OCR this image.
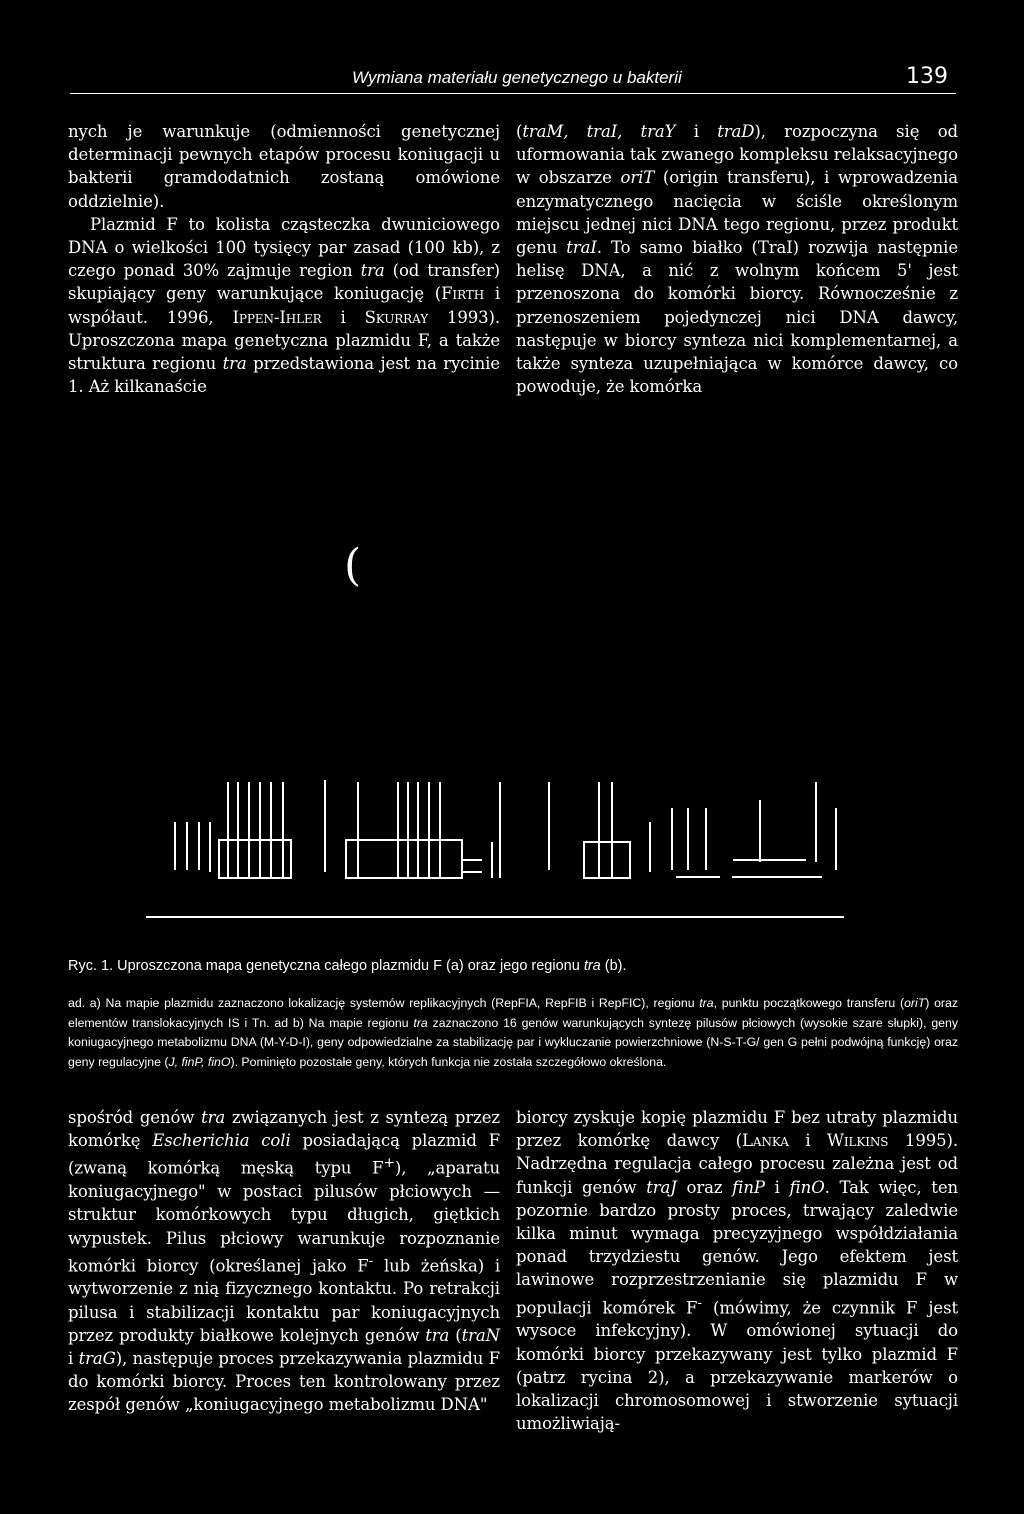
Wymiana materiału genetycznego u bakterii	139

nych je warunkuje (odmienności genetycznej determinacji pewnych etapów procesu koniugacji u bakterii gramdodatnich zostaną omówione oddzielnie).

Plazmid F to kolista cząsteczka dwuniciowego DNA o wielkości 100 tysięcy par zasad (100 kb), z czego ponad 30% zajmuje region tra (od transfer) skupiający geny warunkujące koniugację (Firth i współaut. 1996, Ippen-Ihler i Skurray 1993). Uproszczona mapa genetyczna plazmidu F, a także struktura regionu tra przedstawiona jest na rycinie 1. Aż kilkanaście

(traM, traI, traY i traD), rozpoczyna się od uformowania tak zwanego kompleksu relaksacyjnego w obszarze oriT (origin transferu), i wprowadzenia enzymatycznego nacięcia w ściśle określonym miejscu jednej nici DNA tego regionu, przez produkt genu traI. To samo białko (TraI) rozwija następnie helisę DNA, a nić z wolnym końcem 5' jest przenoszona do komórki biorcy. Równocześnie z przenoszeniem pojedynczej nici DNA dawcy, następuje w biorcy synteza nici komplementarnej, a także synteza uzupełniająca w komórce dawcy, co powoduje, że komórka

(
Ryc. 1. Uproszczona mapa genetyczna całego plazmidu F (a) oraz jego regionu tra (b).
ad. a) Na mapie plazmidu zaznaczono lokalizację systemów replikacyjnych (RepFIA, RepFIB i RepFIC), regionu tra, punktu początkowego transferu (oriT) oraz elementów translokacyjnych IS i Tn. ad b) Na mapie regionu tra zaznaczono 16 genów warunkujących syntezę pilusów płciowych (wysokie szare słupki), geny koniugacyjnego metabolizmu DNA (M-Y-D-I), geny odpowiedzialne za stabilizację par i wykluczanie powierzchniowe (N-S-T-G/ gen G pełni podwójną funkcję) oraz geny regulacyjne (J, finP, finO). Pominięto pozostałe geny, których funkcja nie została szczegółowo określona.

spośród genów tra związanych jest z syntezą przez komórkę Escherichia coli posiadającą plazmid F (zwaną komórką męską typu F+), „aparatu koniugacyjnego" w postaci pilusów płciowych — struktur komórkowych typu długich, giętkich wypustek. Pilus płciowy warunkuje rozpoznanie komórki biorcy (określanej jako F- lub żeńska) i wytworzenie z nią fizycznego kontaktu. Po retrakcji pilusa i stabilizacji kontaktu par koniugacyjnych przez produkty białkowe kolejnych genów tra (traN i traG), następuje proces przekazywania plazmidu F do komórki biorcy. Proces ten kontrolowany przez zespół genów „koniugacyjnego metabolizmu DNA"

biorcy zyskuje kopię plazmidu F bez utraty plazmidu przez komórkę dawcy (Lanka i Wilkins 1995). Nadrzędna regulacja całego procesu zależna jest od funkcji genów traJ oraz finP i finO. Tak więc, ten pozornie bardzo prosty proces, trwający zaledwie kilka minut wymaga precyzyjnego współdziałania ponad trzydziestu genów. Jego efektem jest lawinowe rozprzestrzenianie się plazmidu F w populacji komórek F- (mówimy, że czynnik F jest wysoce infekcyjny). W omówionej sytuacji do komórki biorcy przekazywany jest tylko plazmid F (patrz rycina 2), a przekazywanie markerów o lokalizacji chromosomowej i stworzenie sytuacji umożliwiają-
